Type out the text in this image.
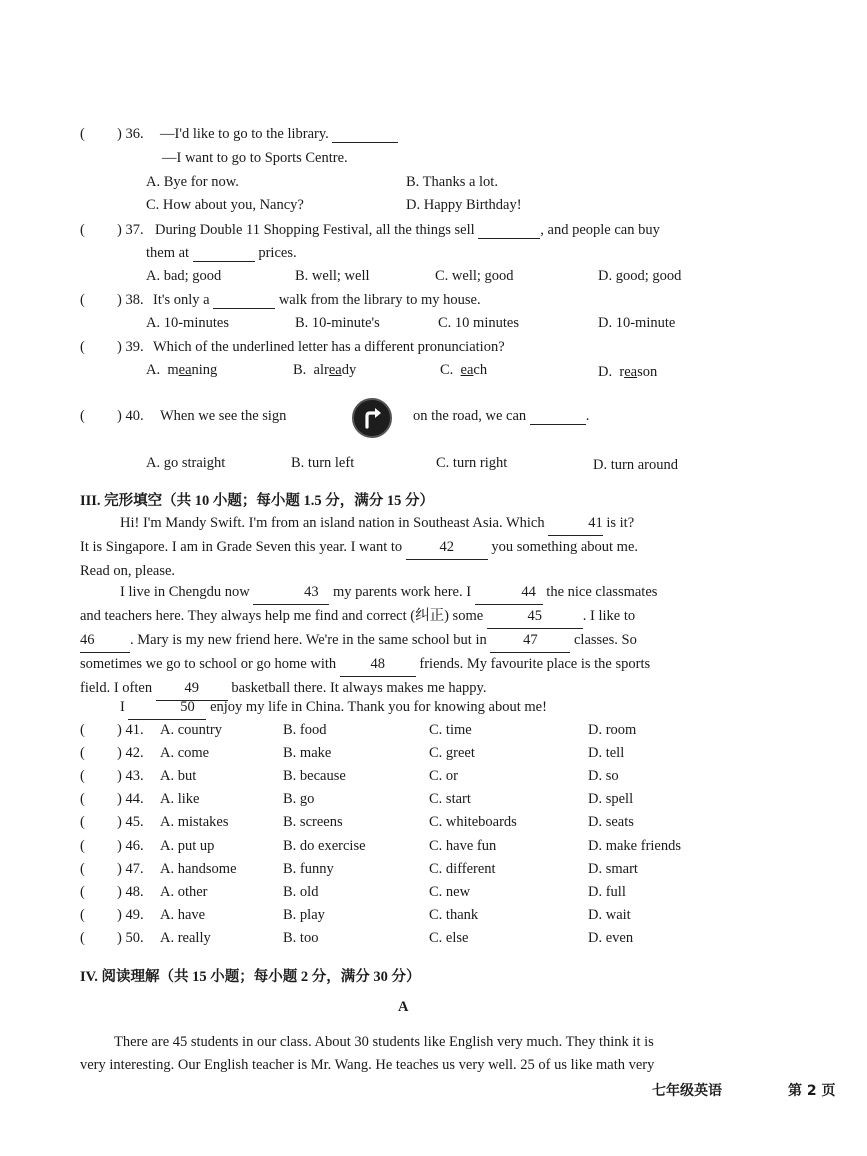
( ) 36. —I'd like to go to the library.
—I want to go to Sports Centre.
A. Bye for now.	B. Thanks a lot.
C. How about you, Nancy?	D. Happy Birthday!
( ) 37. During Double 11 Shopping Festival, all the things sell	, and people can buy
them at	prices.
A. bad; good	B. well; well	C. well; good	D. good; good
( ) 38. It's only a	walk from the library to my house.
A. 10-minutes	B. 10-minute's	C. 10 minutes	D. 10-minute
( ) 39. Which of the underlined letter has a different pronunciation?
A. meaning	B. already	C. each	D. reason
( ) 40. When we see the sign	on the road, we can	.
A. go straight	B. turn left	C. turn right	D. turn around
III. 完形填空（共 10 小题；每小题 1.5 分，满分 15 分）
Hi! I'm Mandy Swift. I'm from an island nation in Southeast Asia. Which	41 is it?
It is Singapore. I am in Grade Seven this year. I want to	42	you something about me.
Read on, please.
I live in Chengdu now	43 my parents work here. I	44 the nice classmates
and teachers here. They always help me find and correct (纠正) some	45	. I like to
46 . Mary is my new friend here. We're in the same school but in	47	classes. So
sometimes we go to school or go home with 48 friends. My favourite place is the sports
field. I often 49 basketball there. It always makes me happy.
I	50 enjoy my life in China. Thank you for knowing about me!
( ) 41. A. country	B. food	C. time	D. room
( ) 42. A. come	B. make	C. greet	D. tell
( ) 43. A. but	B. because	C. or	D. so
( ) 44. A. like	B. go	C. start	D. spell
( ) 45. A. mistakes	B. screens	C. whiteboards	D. seats
( ) 46. A. put up	B. do exercise	C. have fun	D. make friends
( ) 47. A. handsome	B. funny	C. different	D. smart
( ) 48. A. other	B. old	C. new	D. full
( ) 49. A. have	B. play	C. thank	D. wait
( ) 50. A. really	B. too	C. else	D. even
IV. 阅读理解（共 15 小题；每小题 2 分，满分 30 分）
A
There are 45 students in our class. About 30 students like English very much. They think it is
very interesting. Our English teacher is Mr. Wang. He teaches us very well. 25 of us like math very
七年级英语	第 2 页
